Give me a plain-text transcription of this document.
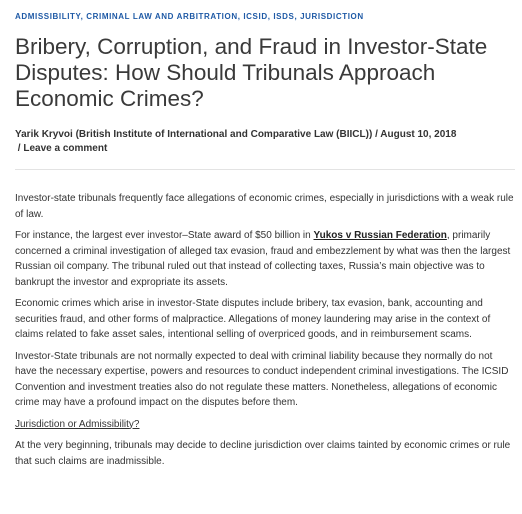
ADMISSIBILITY, CRIMINAL LAW AND ARBITRATION, ICSID, ISDS, JURISDICTION
Bribery, Corruption, and Fraud in Investor-State Disputes: How Should Tribunals Approach Economic Crimes?
Yarik Kryvoi (British Institute of International and Comparative Law (BIICL)) / August 10, 2018
/ Leave a comment

Investor-state tribunals frequently face allegations of economic crimes, especially in jurisdictions with a weak rule of law.

For instance, the largest ever investor–State award of $50 billion in Yukos v Russian Federation, primarily concerned a criminal investigation of alleged tax evasion, fraud and embezzlement by what was then the largest Russian oil company. The tribunal ruled out that instead of collecting taxes, Russia’s main objective was to bankrupt the investor and expropriate its assets.

Economic crimes which arise in investor-State disputes include bribery, tax evasion, bank, accounting and securities fraud, and other forms of malpractice. Allegations of money laundering may arise in the context of claims related to fake asset sales, intentional selling of overpriced goods, and in reimbursement scams.

Investor-State tribunals are not normally expected to deal with criminal liability because they normally do not have the necessary expertise, powers and resources to conduct independent criminal investigations. The ICSID Convention and investment treaties also do not regulate these matters. Nonetheless, allegations of economic crime may have a profound impact on the disputes before them.

Jurisdiction or Admissibility?

At the very beginning, tribunals may decide to decline jurisdiction over claims tainted by economic crimes or rule that such claims are inadmissible.
